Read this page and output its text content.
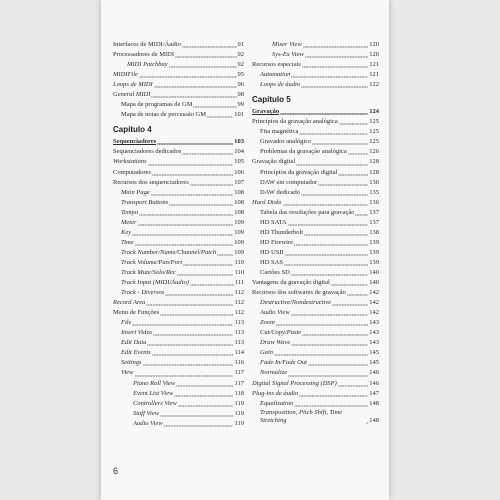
Interfaces de MIDI/Áudio	91
Processadores de MIDI	92
MIDI Patchbay	92
MIDIFile	95
Loops de MIDI	96
General MIDI	98
Mapa de programas de GM	99
Mapa de notas de percussão GM	101
Capítulo 4
Sequenciadores	103
Sequenciadores dedicados	104
Workstations	105
Computadores	106
Recursos dos sequenciadores	107
Main Page	108
Transport Buttons	108
Tempo	108
Meter	109
Key	109
Time	109
Track Number/Name/Channel/Patch	109
Track Volume/Pan/Port	110
Track Mute/Solo/Rec	110
Track Input (MIDI/Áudio)	111
Track - Diversos	112
Record Area	112
Menu de Funções	112
File	113
Insert Video	113
Edit Data	113
Edit Events	114
Settings	116
View	117
Piano Roll View	117
Event List View	118
Controllers View	119
Staff View	119
Audio View	119
Mixer View	120
Sys-Ex View	120
Recursos especiais	121
Automation	121
Loops de áudio	122
Capítulo 5
Gravação	124
Princípios da gravação analógica	125
Fita magnética	125
Gravador analógico	125
Problemas da gravação analógica	126
Gravação digital	128
Princípios da gravação digital	128
DAW em computador	130
DAW dedicado	135
Hard Disks	136
Tabela das resoluções para gravação 137
HD SATA	137
HD Thunderbolt	138
HD Firewire	139
HD USB	139
HD SAS	139
Cartões SD	140
Vantagens da gravação digital	140
Recursos dos softwares de gravação	142
Destructive/Nondestructive	142
Audio View	142
Zoom	143
Cut/Copy/Paste	143
Draw Wave	143
Gain	145
Fade In/Fade Out	145
Normalize	146
Digital Signal Processing (DSP)	146
Plug-ins de áudio	147
Equalization	148
Transposition, Pitch Shift, Time Stretching	148
6
